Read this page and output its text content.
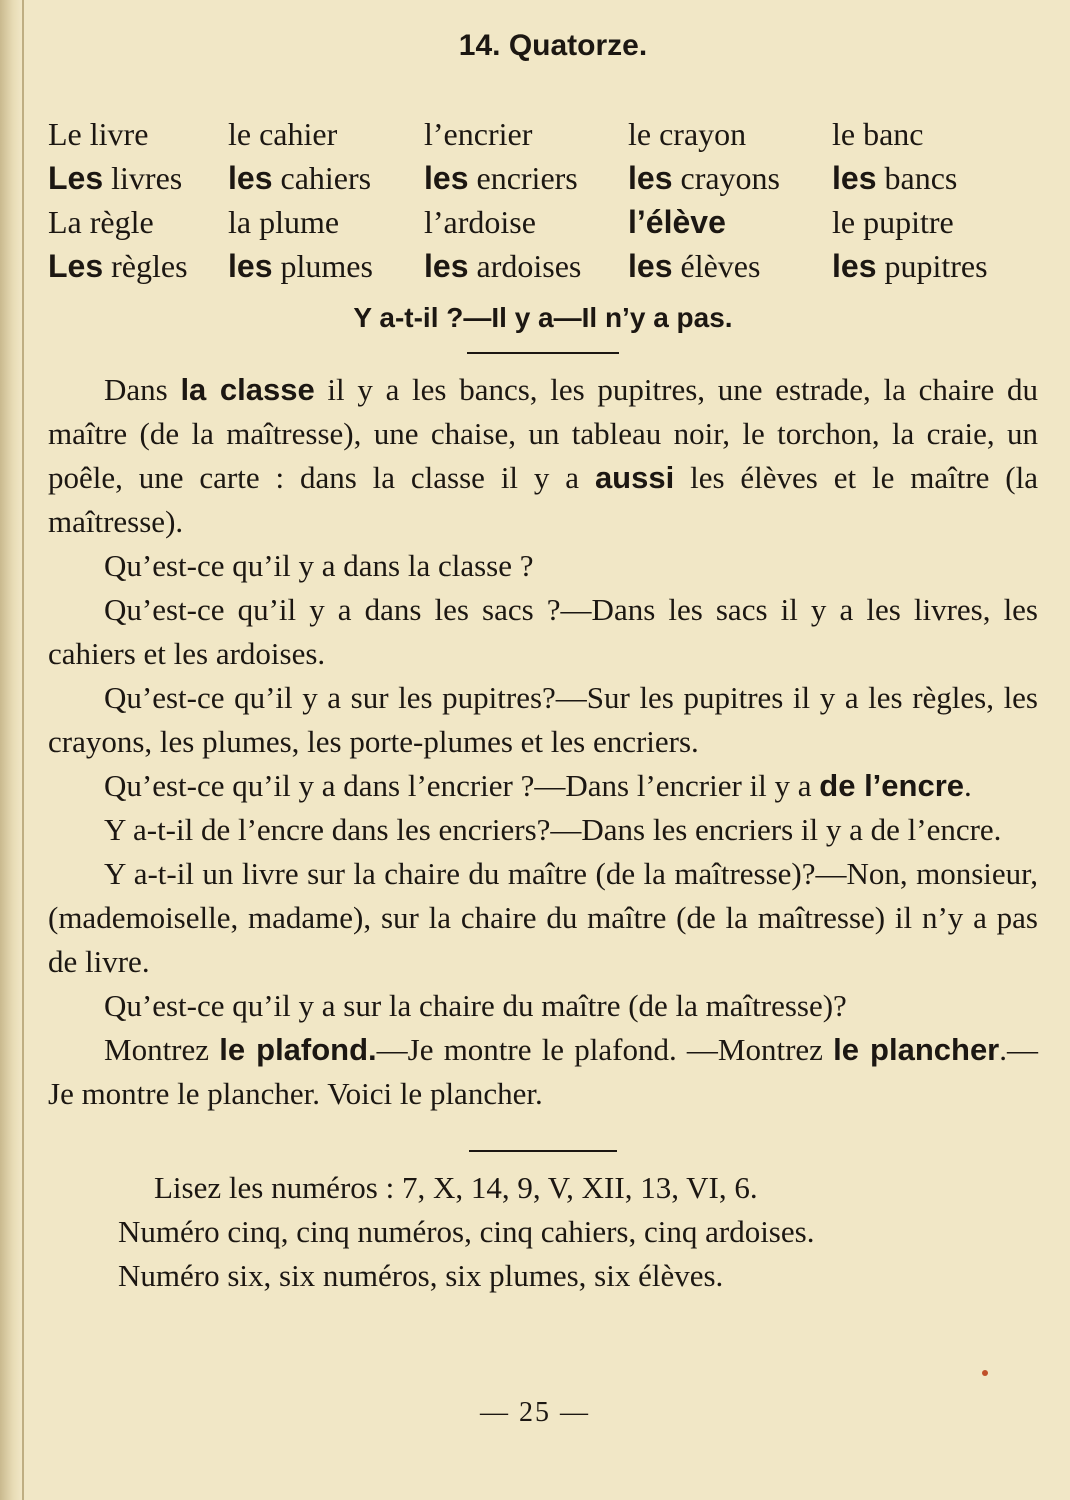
14. Quatorze.
Le livre	le cahier	l’encrier	le crayon	le banc
Les livres	les cahiers	les encriers	les crayons	les bancs
La règle	la plume	l’ardoise	l’élève	le pupitre
Les règles	les plumes	les ardoises	les élèves	les pupitres
Y a-t-il ?—Il y a—Il n’y a pas.

Dans la classe il y a les bancs, les pupitres, une estrade, la chaire du maître (de la maîtresse), une chaise, un tableau noir, le torchon, la craie, un poêle, une carte : dans la classe il y a aussi les élèves et le maître (la maîtresse).

Qu’est-ce qu’il y a dans la classe ?

Qu’est-ce qu’il y a dans les sacs ?—Dans les sacs il y a les livres, les cahiers et les ardoises.

Qu’est-ce qu’il y a sur les pupitres?—Sur les pupitres il y a les règles, les crayons, les plumes, les porte-plumes et les encriers.

Qu’est-ce qu’il y a dans l’encrier ?—Dans l’encrier il y a de l’encre.

Y a-t-il de l’encre dans les encriers?—Dans les encriers il y a de l’encre.

Y a-t-il un livre sur la chaire du maître (de la maîtresse)?—Non, monsieur, (mademoiselle, madame), sur la chaire du maître (de la maîtresse) il n’y a pas de livre.

Qu’est-ce qu’il y a sur la chaire du maître (de la maîtresse)?

Montrez le plafond.—Je montre le plafond. —Montrez le plancher.—Je montre le plancher. Voici le plancher.

Lisez les numéros : 7, X, 14, 9, V, XII, 13, VI, 6.
Numéro cinq, cinq numéros, cinq cahiers, cinq ardoises.
Numéro six, six numéros, six plumes, six élèves.
— 25 —
